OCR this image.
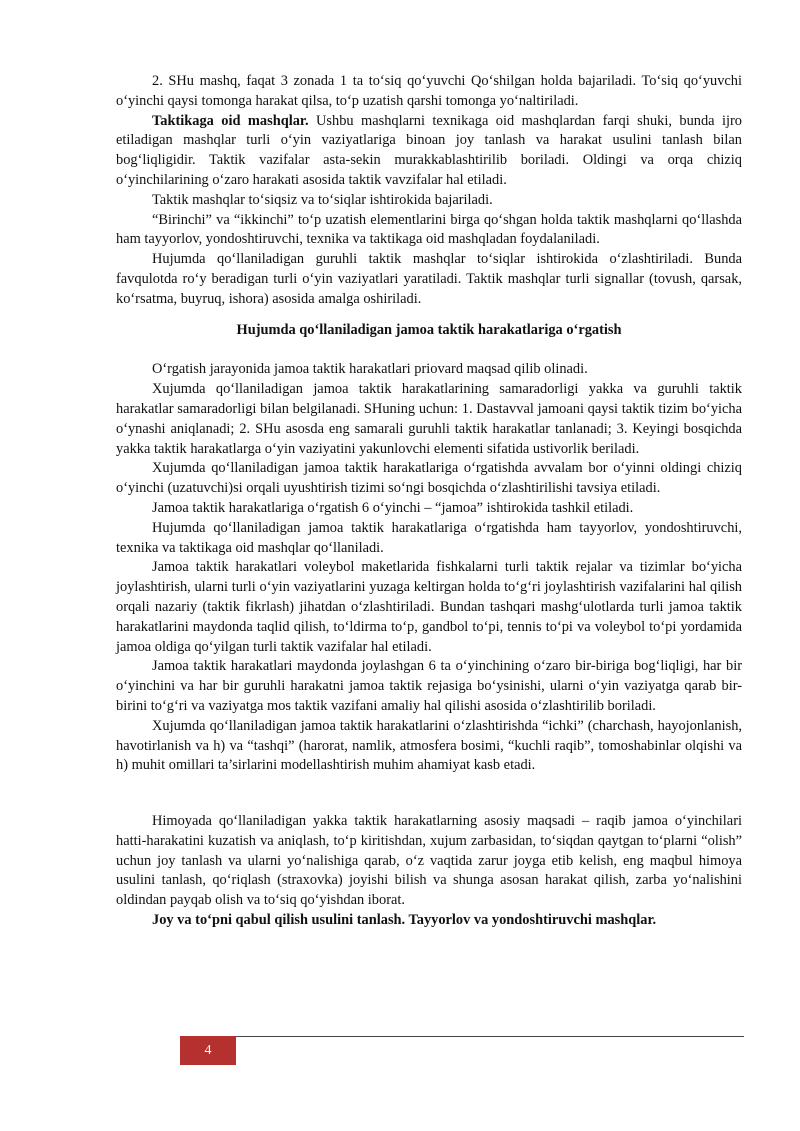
2. SHu mashq, faqat 3 zonada 1 ta to‘siq qo‘yuvchi Qo‘shilgan holda bajariladi. To‘siq qo‘yuvchi o‘yinchi qaysi tomonga harakat qilsa, to‘p uzatish qarshi tomonga yo‘naltiriladi.

Taktikaga oid mashqlar. Ushbu mashqlarni texnikaga oid mashqlardan farqi shuki, bunda ijro etiladigan mashqlar turli o‘yin vaziyatlariga binoan joy tanlash va harakat usulini tanlash bilan bog‘liqligidir. Taktik vazifalar asta-sekin murakkablashtirilib boriladi. Oldingi va orqa chiziq o‘yinchilarining o‘zaro harakati asosida taktik vavzifalar hal etiladi.

Taktik mashqlar to‘siqsiz va to‘siqlar ishtirokida bajariladi.

“Birinchi” va “ikkinchi” to‘p uzatish elementlarini birga qo‘shgan holda taktik mashqlarni qo‘llashda ham tayyorlov, yondoshtiruvchi, texnika va taktikaga oid mashqladan foydalaniladi.

Hujumda qo‘llaniladigan guruhli taktik mashqlar to‘siqlar ishtirokida o‘zlashtiriladi. Bunda favqulotda ro‘y beradigan turli o‘yin vaziyatlari yaratiladi. Taktik mashqlar turli signallar (tovush, qarsak, ko‘rsatma, buyruq, ishora) asosida amalga oshiriladi.

Hujumda qo‘llaniladigan jamoa taktik harakatlariga o‘rgatish

O‘rgatish jarayonida jamoa taktik harakatlari priovard maqsad qilib olinadi.

Xujumda qo‘llaniladigan jamoa taktik harakatlarining samaradorligi yakka va guruhli taktik harakatlar samaradorligi bilan belgilanadi. SHuning uchun: 1. Dastavval jamoani qaysi taktik tizim bo‘yicha o‘ynashi aniqlanadi; 2. SHu asosda eng samarali guruhli taktik harakatlar tanlanadi; 3. Keyingi bosqichda yakka taktik harakatlarga o‘yin vaziyatini yakunlovchi elementi sifatida ustivorlik beriladi.

Xujumda qo‘llaniladigan jamoa taktik harakatlariga o‘rgatishda avvalam bor o‘yinni oldingi chiziq o‘yinchi (uzatuvchi)si orqali uyushtirish tizimi so‘ngi bosqichda o‘zlashtirilishi tavsiya etiladi.

Jamoa taktik harakatlariga o‘rgatish 6 o‘yinchi – “jamoa” ishtirokida tashkil etiladi.

Hujumda qo‘llaniladigan jamoa taktik harakatlariga o‘rgatishda ham tayyorlov, yondoshtiruvchi, texnika va taktikaga oid mashqlar qo‘llaniladi.

Jamoa taktik harakatlari voleybol maketlarida fishkalarni turli taktik rejalar va tizimlar bo‘yicha joylashtirish, ularni turli o‘yin vaziyatlarini yuzaga keltirgan holda to‘g‘ri joylashtirish vazifalarini hal qilish orqali nazariy (taktik fikrlash) jihatdan o‘zlashtiriladi. Bundan tashqari mashg‘ulotlarda turli jamoa taktik harakatlarini maydonda taqlid qilish, to‘ldirma to‘p, gandbol to‘pi, tennis to‘pi va voleybol to‘pi yordamida jamoa oldiga qo‘yilgan turli taktik vazifalar hal etiladi.

Jamoa taktik harakatlari maydonda joylashgan 6 ta o‘yinchining o‘zaro bir-biriga bog‘liqligi, har bir o‘yinchini va har bir guruhli harakatni jamoa taktik rejasiga bo‘ysinishi, ularni o‘yin vaziyatga qarab bir-birini to‘g‘ri va vaziyatga mos taktik vazifani amaliy hal qilishi asosida o‘zlashtirilib boriladi.

Xujumda qo‘llaniladigan jamoa taktik harakatlarini o‘zlashtirishda “ichki” (charchash, hayojonlanish, havotirlanish va h) va “tashqi” (harorat, namlik, atmosfera bosimi, “kuchli raqib”, tomoshabinlar olqishi va h) muhit omillari ta’sirlarini modellashtirish muhim ahamiyat kasb etadi.

Himoyada qo‘llaniladigan yakka taktik harakatlarning asosiy maqsadi – raqib jamoa o‘yinchilari hatti-harakatini kuzatish va aniqlash, to‘p kiritishdan, xujum zarbasidan, to‘siqdan qaytgan to‘plarni “olish” uchun joy tanlash va ularni yo‘nalishiga qarab, o‘z vaqtida zarur joyga etib kelish, eng maqbul himoya usulini tanlash, qo‘riqlash (straxovka) joyishi bilish va shunga asosan harakat qilish, zarba yo‘nalishini oldindan payqab olish va to‘siq qo‘yishdan iborat.

Joy va to‘pni qabul qilish usulini tanlash. Tayyorlov va yondoshtiruvchi mashqlar.

4
